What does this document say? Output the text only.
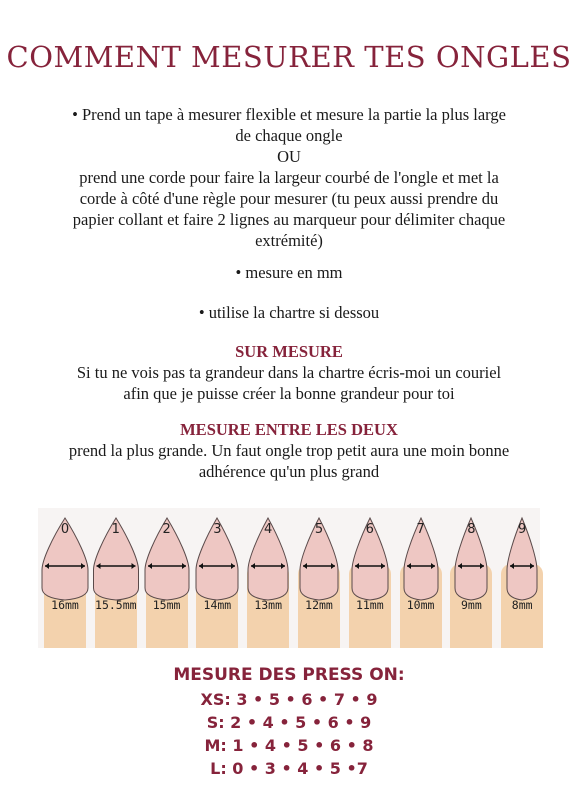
COMMENT MESURER TES ONGLES
• Prend un tape à mesurer flexible et mesure la partie la plus large
de chaque ongle
OU
prend une corde pour faire la largeur courbé de l'ongle et met la
corde à côté d'une règle pour mesurer (tu peux aussi prendre du
papier collant et faire 2 lignes au marqueur pour délimiter chaque
extrémité)
• mesure en mm
• utilise la chartre si dessou
SUR MESURE
Si tu ne vois pas ta grandeur dans la chartre écris-moi un couriel
afin que je puisse créer la bonne grandeur pour toi
MESURE ENTRE LES DEUX
prend la plus grande. Un faut ongle trop petit aura une moin bonne
adhérence qu'un plus grand
0
16mm
1
15.5mm
2
15mm
3
14mm
4
13mm
5
12mm
6
11mm
7
10mm
8
9mm
9
8mm
MESURE DES PRESS ON:
XS: 3 • 5 • 6 • 7 • 9
S: 2 • 4 • 5 • 6 • 9
M: 1 • 4 • 5 • 6 • 8
L: 0 • 3 • 4 • 5 •7
